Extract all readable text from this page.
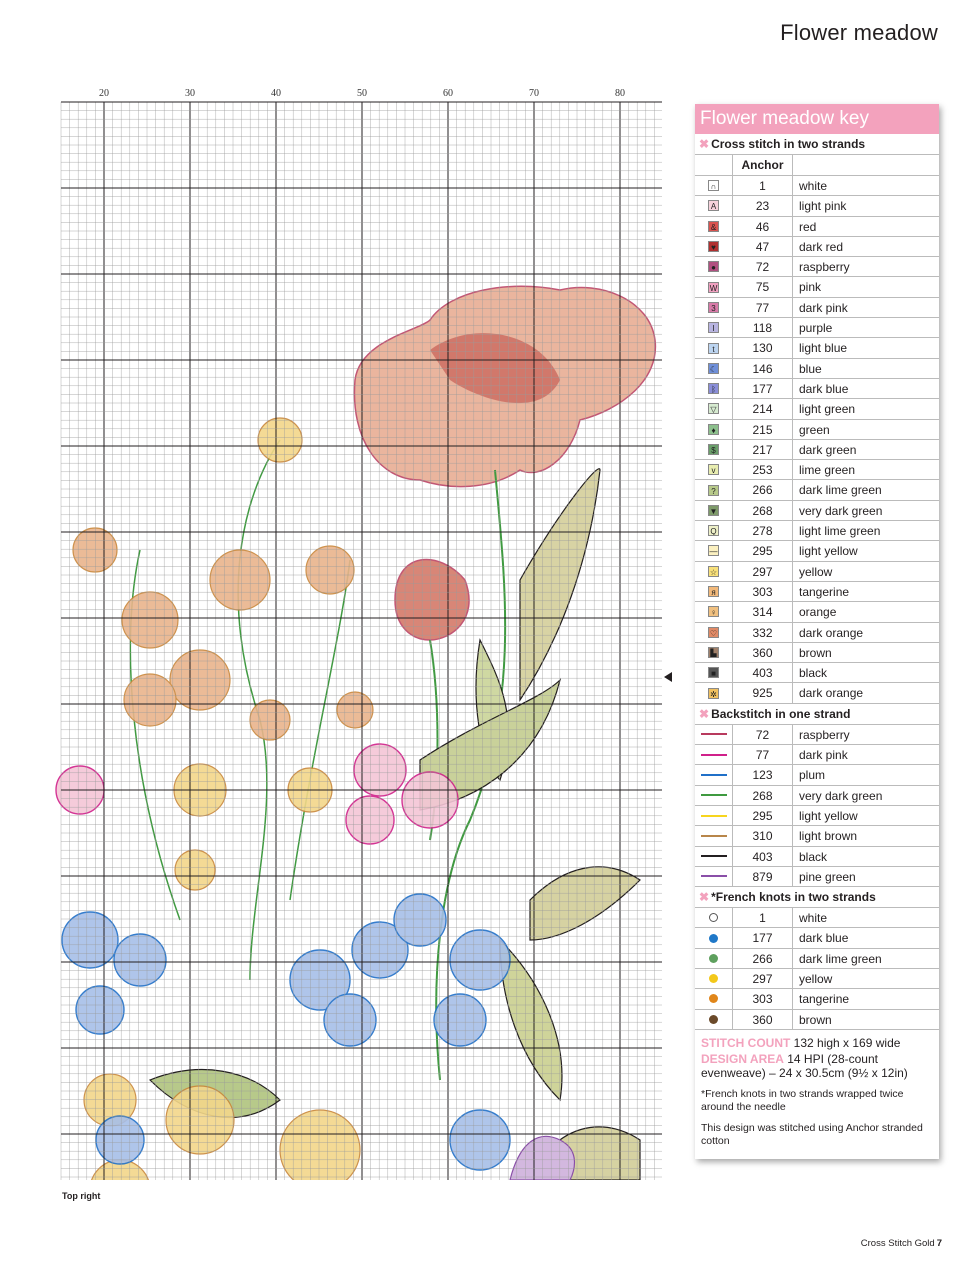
Flower meadow
20	30	40	50	60	70	80
Top right
Flower meadow key
✖ Cross stitch in two strands
Anchor
∩	1	white
A	23	light pink
&	46	red
♥	47	dark red
●	72	raspberry
W	75	pink
3	77	dark pink
I	118	purple
t	130	light blue
☾	146	blue
ᛒ	177	dark blue
▽	214	light green
♦	215	green
$	217	dark green
v	253	lime green
?	266	dark lime green
▼	268	very dark green
Q	278	light lime green
—	295	light yellow
☆	297	yellow
я	303	tangerine
♀	314	orange
♡	332	dark orange
▙	360	brown
■	403	black
✲	925	dark orange
✖ Backstitch in one strand
72	raspberry
77	dark pink
123	plum
268	very dark green
295	light yellow
310	light brown
403	black
879	pine green
✖ *French knots in two strands
1	white
177	dark blue
266	dark lime green
297	yellow
303	tangerine
360	brown

STITCH COUNT 132 high x 169 wide

DESIGN AREA 14 HPI (28-count evenweave) – 24 x 30.5cm (9½ x 12in)

*French knots in two strands wrapped twice around the needle

This design was stitched using Anchor stranded cotton

Cross Stitch Gold 7
